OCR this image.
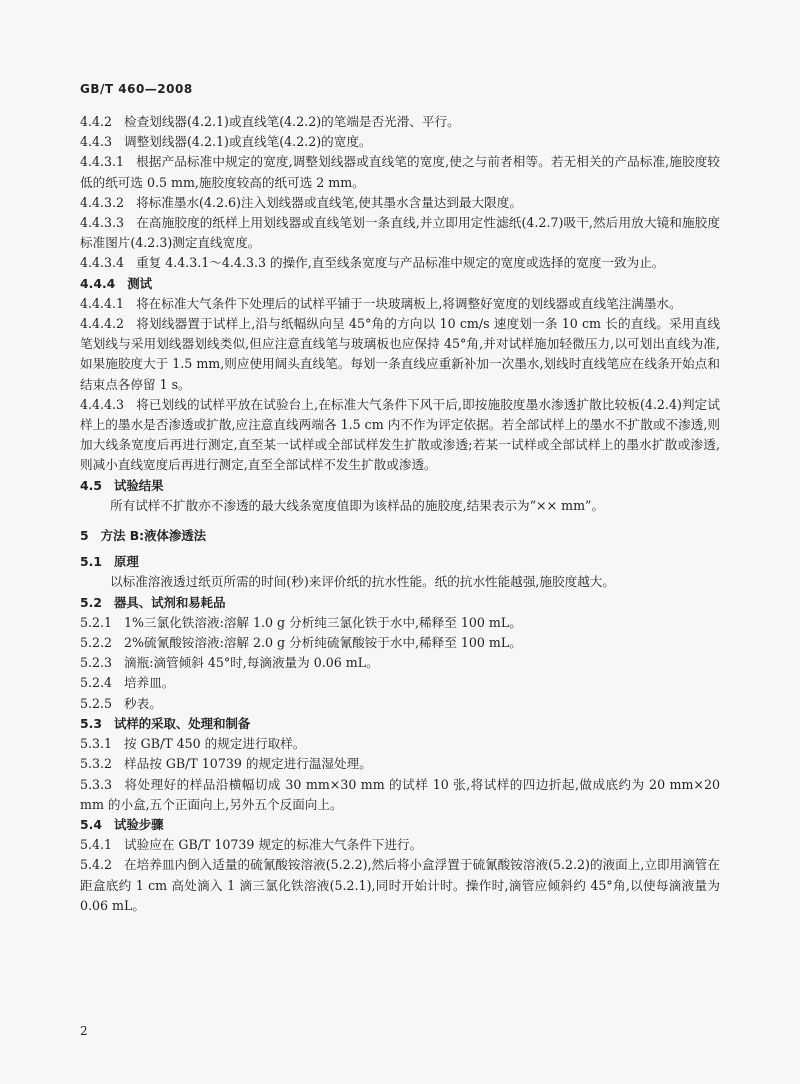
GB/T 460—2008

4.4.2 检查划线器(4.2.1)或直线笔(4.2.2)的笔端是否光滑、平行。

4.4.3 调整划线器(4.2.1)或直线笔(4.2.2)的宽度。

4.4.3.1 根据产品标准中规定的宽度,调整划线器或直线笔的宽度,使之与前者相等。若无相关的产品标准,施胶度较低的纸可选 0.5 mm,施胶度较高的纸可选 2 mm。

4.4.3.2 将标准墨水(4.2.6)注入划线器或直线笔,使其墨水含量达到最大限度。

4.4.3.3 在高施胶度的纸样上用划线器或直线笔划一条直线,并立即用定性滤纸(4.2.7)吸干,然后用放大镜和施胶度标准图片(4.2.3)测定直线宽度。

4.4.3.4 重复 4.4.3.1～4.4.3.3 的操作,直至线条宽度与产品标准中规定的宽度或选择的宽度一致为止。

4.4.4 测试

4.4.4.1 将在标准大气条件下处理后的试样平铺于一块玻璃板上,将调整好宽度的划线器或直线笔注满墨水。

4.4.4.2 将划线器置于试样上,沿与纸幅纵向呈 45°角的方向以 10 cm/s 速度划一条 10 cm 长的直线。采用直线笔划线与采用划线器划线类似,但应注意直线笔与玻璃板也应保持 45°角,并对试样施加轻微压力,以可划出直线为准,如果施胶度大于 1.5 mm,则应使用阔头直线笔。每划一条直线应重新补加一次墨水,划线时直线笔应在线条开始点和结束点各停留 1 s。

4.4.4.3 将已划线的试样平放在试验台上,在标准大气条件下风干后,即按施胶度墨水渗透扩散比较板(4.2.4)判定试样上的墨水是否渗透或扩散,应注意直线两端各 1.5 cm 内不作为评定依据。若全部试样上的墨水不扩散或不渗透,则加大线条宽度后再进行测定,直至某一试样或全部试样发生扩散或渗透;若某一试样或全部试样上的墨水扩散或渗透,则减小直线宽度后再进行测定,直至全部试样不发生扩散或渗透。

4.5 试验结果

所有试样不扩散亦不渗透的最大线条宽度值即为该样品的施胶度,结果表示为“×× mm”。

5 方法 B:液体渗透法

5.1 原理

以标准溶液透过纸页所需的时间(秒)来评价纸的抗水性能。纸的抗水性能越强,施胶度越大。

5.2 器具、试剂和易耗品

5.2.1 1%三氯化铁溶液:溶解 1.0 g 分析纯三氯化铁于水中,稀释至 100 mL。

5.2.2 2%硫氰酸铵溶液:溶解 2.0 g 分析纯硫氰酸铵于水中,稀释至 100 mL。

5.2.3 滴瓶:滴管倾斜 45°时,每滴液量为 0.06 mL。

5.2.4 培养皿。

5.2.5 秒表。

5.3 试样的采取、处理和制备

5.3.1 按 GB/T 450 的规定进行取样。

5.3.2 样品按 GB/T 10739 的规定进行温湿处理。

5.3.3 将处理好的样品沿横幅切成 30 mm×30 mm 的试样 10 张,将试样的四边折起,做成底约为 20 mm×20 mm 的小盒,五个正面向上,另外五个反面向上。

5.4 试验步骤

5.4.1 试验应在 GB/T 10739 规定的标准大气条件下进行。

5.4.2 在培养皿内倒入适量的硫氰酸铵溶液(5.2.2),然后将小盒浮置于硫氰酸铵溶液(5.2.2)的液面上,立即用滴管在距盒底约 1 cm 高处滴入 1 滴三氯化铁溶液(5.2.1),同时开始计时。操作时,滴管应倾斜约 45°角,以使每滴液量为 0.06 mL。

2
